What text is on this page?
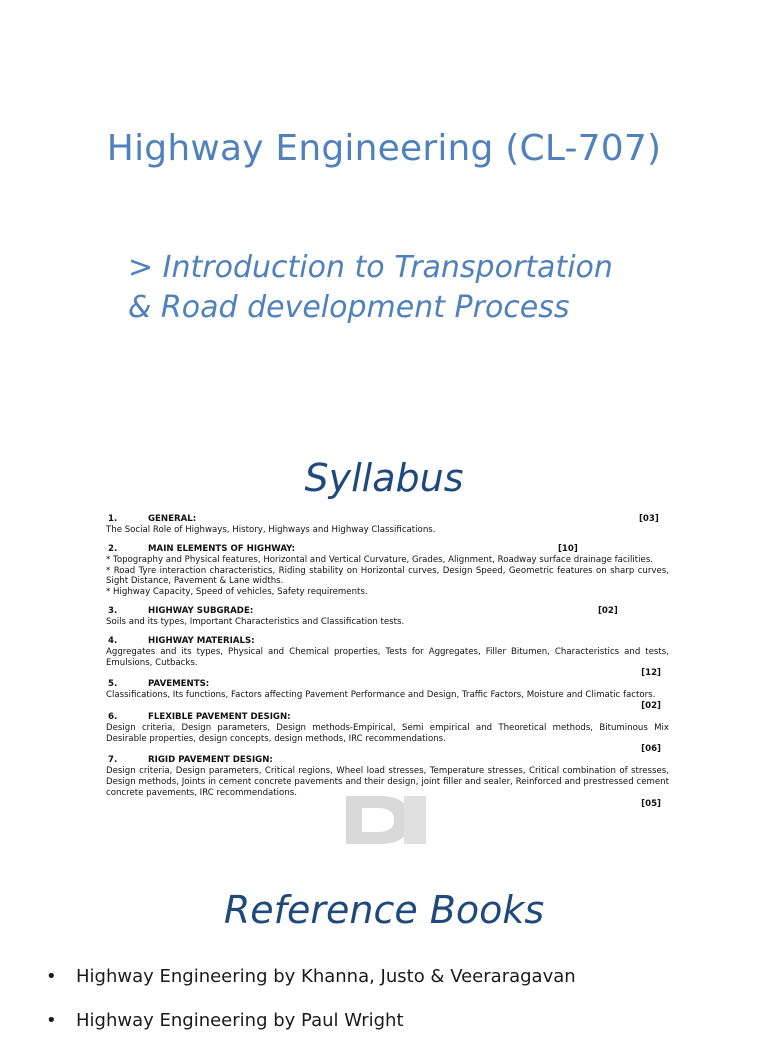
Highway Engineering (CL-707)
> Introduction to Transportation
& Road development Process
Syllabus
1.	GENERAL:	[03]
The Social Role of Highways, History, Highways and Highway Classifications.
2.	MAIN ELEMENTS OF HIGHWAY:	[10]
* Topography and Physical features, Horizontal and Vertical Curvature, Grades, Alignment, Roadway surface drainage facilities.
* Road Tyre interaction characteristics, Riding stability on Horizontal curves, Design Speed, Geometric features on sharp curves, Sight Distance, Pavement & Lane widths.
* Highway Capacity, Speed of vehicles, Safety requirements.
3.	HIGHWAY SUBGRADE:	[02]
Soils and its types, Important Characteristics and Classification tests.
4.	HIGHWAY MATERIALS:
Aggregates and its types, Physical and Chemical properties, Tests for Aggregates, Filler Bitumen, Characteristics and tests, Emulsions, Cutbacks.
[12]
5.	PAVEMENTS:
Classifications, Its functions, Factors affecting Pavement Performance and Design, Traffic Factors, Moisture and Climatic factors.
[02]
6.	FLEXIBLE PAVEMENT DESIGN:
Design criteria, Design parameters, Design methods-Empirical, Semi empirical and Theoretical methods, Bituminous Mix Desirable properties, design concepts, design methods, IRC recommendations.
[06]
7.	RIGID PAVEMENT DESIGN:
Design criteria, Design parameters, Critical regions, Wheel load stresses, Temperature stresses, Critical combination of stresses, Design methods, Joints in cement concrete pavements and their design, joint filler and sealer, Reinforced and prestressed cement concrete pavements, IRC recommendations.
[05]
Reference Books
• Highway Engineering by Khanna, Justo & Veeraragavan
• Highway Engineering by Paul Wright
